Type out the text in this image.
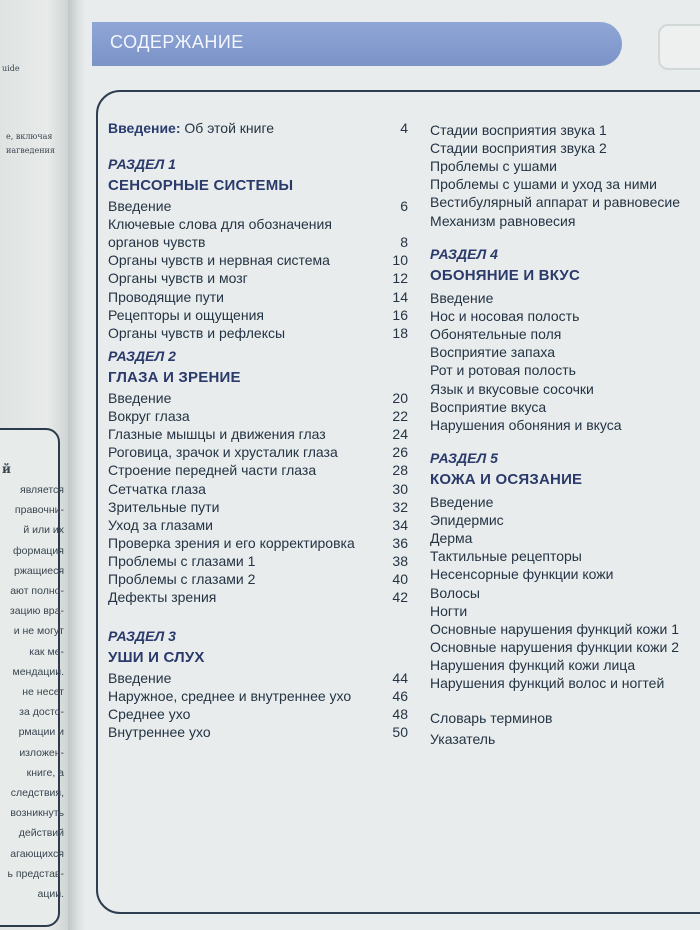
uide
е, включая
иагведения
й
является
правочни-
й или их
формация
ржащиеся
ают полно-
зацию вра-
и не могут
как ме-
мендации.
не несет
за досто-
рмации и
изложен-
книге, а
следствия,
возникнуть
действий
агающихся
ь представ-
ации.
СОДЕРЖАНИЕ
Введение: Об этой книге	4
РАЗДЕЛ 1
СЕНСОРНЫЕ СИСТЕМЫ
Введение	6
Ключевые слова для обозначения
органов чувств	8
Органы чувств и нервная система	10
Органы чувств и мозг	12
Проводящие пути	14
Рецепторы и ощущения	16
Органы чувств и рефлексы	18
РАЗДЕЛ 2
ГЛАЗА И ЗРЕНИЕ
Введение	20
Вокруг глаза	22
Глазные мышцы и движения глаз	24
Роговица, зрачок и хрусталик глаза	26
Строение передней части глаза	28
Сетчатка глаза	30
Зрительные пути	32
Уход за глазами	34
Проверка зрения и его корректировка	36
Проблемы с глазами 1	38
Проблемы с глазами 2	40
Дефекты зрения	42
РАЗДЕЛ 3
УШИ И СЛУХ
Введение	44
Наружное, среднее и внутреннее ухо	46
Среднее ухо	48
Внутреннее ухо	50
Стадии восприятия звука 1
Стадии восприятия звука 2
Проблемы с ушами
Проблемы с ушами и уход за ними
Вестибулярный аппарат и равновесие
Механизм равновесия
РАЗДЕЛ 4
ОБОНЯНИЕ И ВКУС
Введение
Нос и носовая полость
Обонятельные поля
Восприятие запаха
Рот и ротовая полость
Язык и вкусовые сосочки
Восприятие вкуса
Нарушения обоняния и вкуса
РАЗДЕЛ 5
КОЖА И ОСЯЗАНИЕ
Введение
Эпидермис
Дерма
Тактильные рецепторы
Несенсорные функции кожи
Волосы
Ногти
Основные нарушения функций кожи 1
Основные нарушения функции кожи 2
Нарушения функций кожи лица
Нарушения функций волос и ногтей
Словарь терминов
Указатель
